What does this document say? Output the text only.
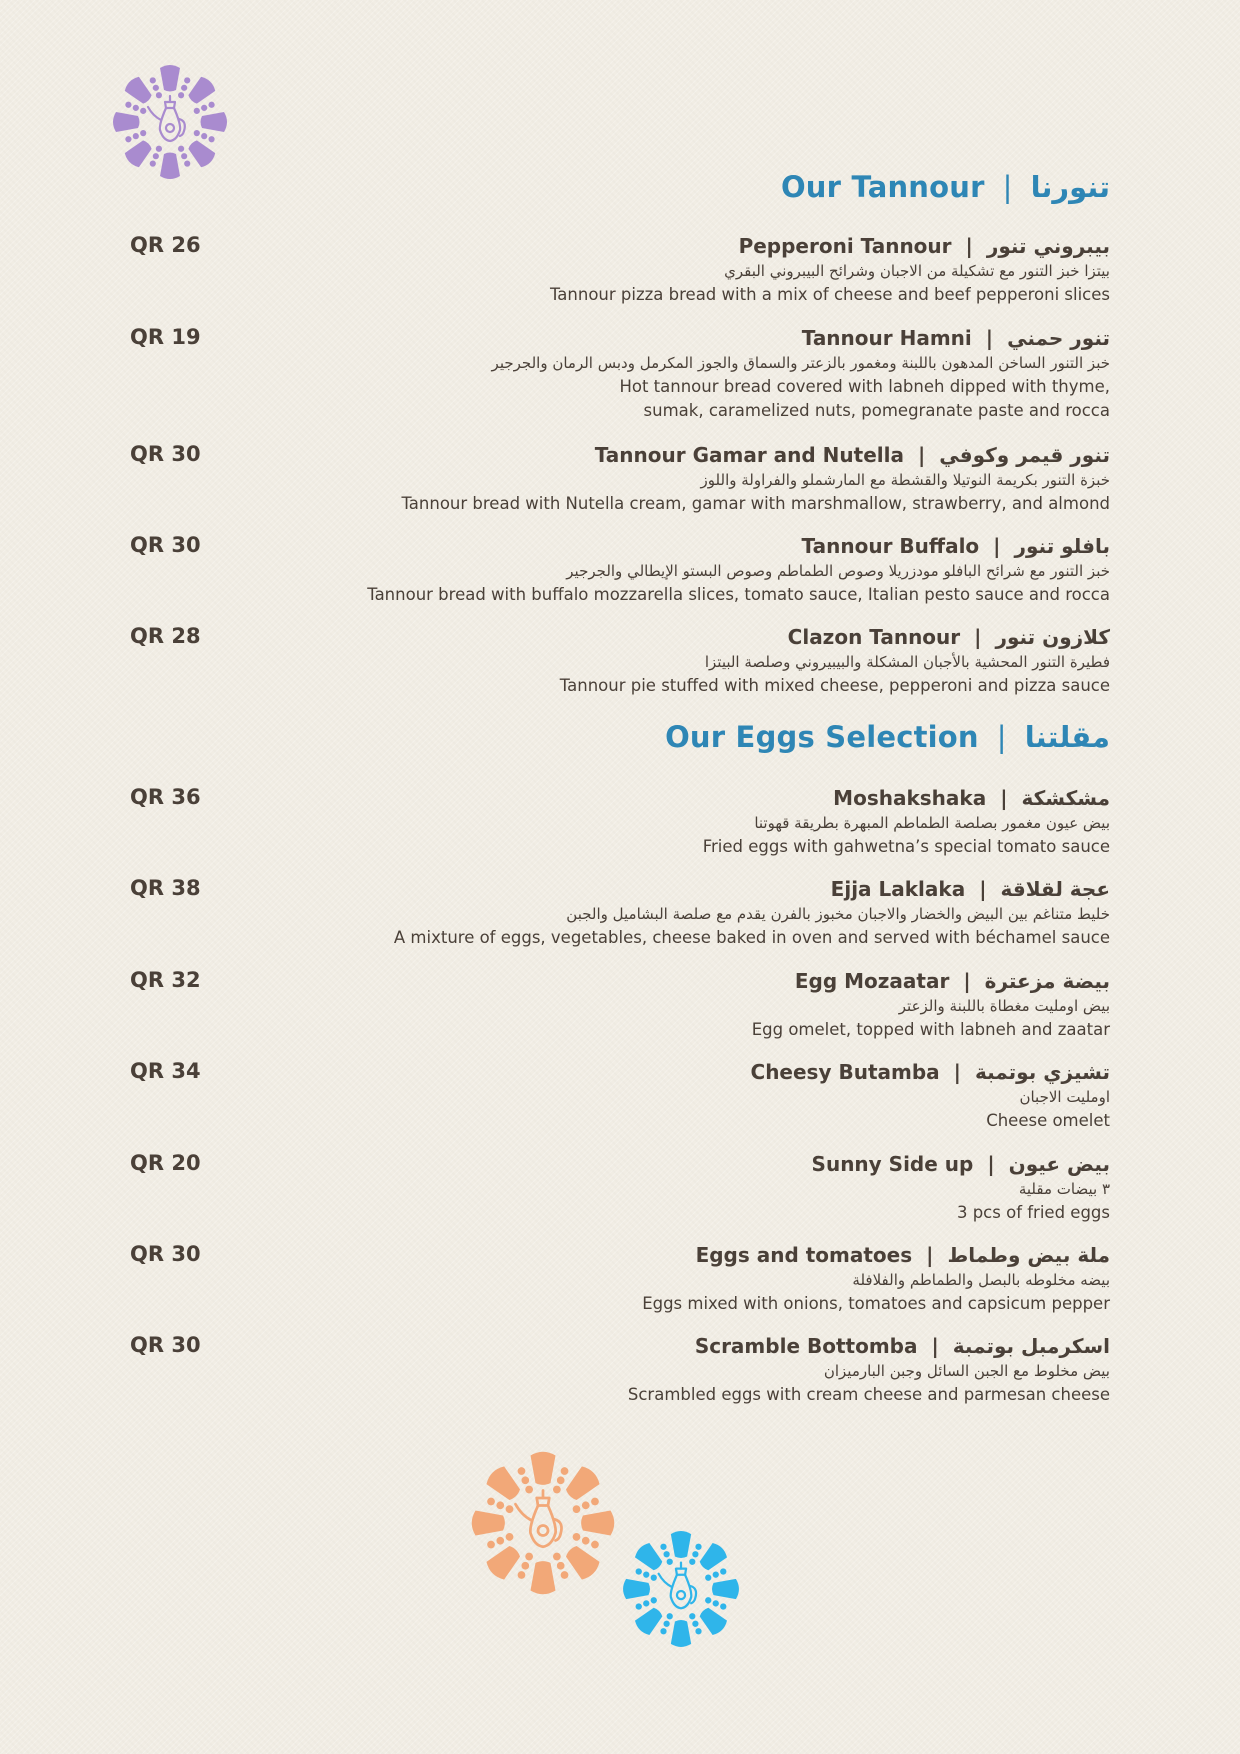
Our Tannour | تنورنا
Our Eggs Selection | مقلتنا
QR 26	Pepperoni Tannour | بيبروني تنور
بيتزا خبز التنور مع تشكيلة من الاجبان وشرائح البيبروني البقري
Tannour pizza bread with a mix of cheese and beef pepperoni slices
QR 19	Tannour Hamni | تنور حمني
خبز التنور الساخن المدهون باللبنة ومغمور بالزعتر والسماق والجوز المكرمل ودبس الرمان والجرجير
Hot tannour bread covered with labneh dipped with thyme,
sumak, caramelized nuts, pomegranate paste and rocca
QR 30	Tannour Gamar and Nutella | تنور قيمر وكوفي
خبزة التنور بكريمة النوتيلا والقشطة مع المارشملو والفراولة واللوز
Tannour bread with Nutella cream, gamar with marshmallow, strawberry, and almond
QR 30	Tannour Buffalo | بافلو تنور
خبز التنور مع شرائح البافلو مودزريلا وصوص الطماطم وصوص البستو الإيطالي والجرجير
Tannour bread with buffalo mozzarella slices, tomato sauce, Italian pesto sauce and rocca
QR 28	Clazon Tannour | كلازون تنور
فطيرة التنور المحشية بالأجبان المشكلة والبيبيروني وصلصة البيتزا
Tannour pie stuffed with mixed cheese, pepperoni and pizza sauce
QR 36	Moshakshaka | مشكشكة
بيض عيون مغمور بصلصة الطماطم المبهرة بطريقة قهوتنا
Fried eggs with gahwetna’s special tomato sauce
QR 38	Ejja Laklaka | عجة لقلاقة
خليط متناغم بين البيض والخضار والاجبان مخبوز بالفرن يقدم مع صلصة البشاميل والجبن
A mixture of eggs, vegetables, cheese baked in oven and served with béchamel sauce
QR 32	Egg Mozaatar | بيضة مزعترة
بيض اومليت مغطاة باللبنة والزعتر
Egg omelet, topped with labneh and zaatar
QR 34	Cheesy Butamba | تشيزي بوتمبة
اومليت الاجبان
Cheese omelet
QR 20	Sunny Side up | بيض عيون
٣ بيضات مقلية
3 pcs of fried eggs
QR 30	Eggs and tomatoes | ملة بيض وطماط
بيضه مخلوطه بالبصل والطماطم والفلافلة
Eggs mixed with onions, tomatoes and capsicum pepper
QR 30	Scramble Bottomba | اسكرمبل بوتمبة
بيض مخلوط مع الجبن السائل وجبن البارميزان
Scrambled eggs with cream cheese and parmesan cheese
